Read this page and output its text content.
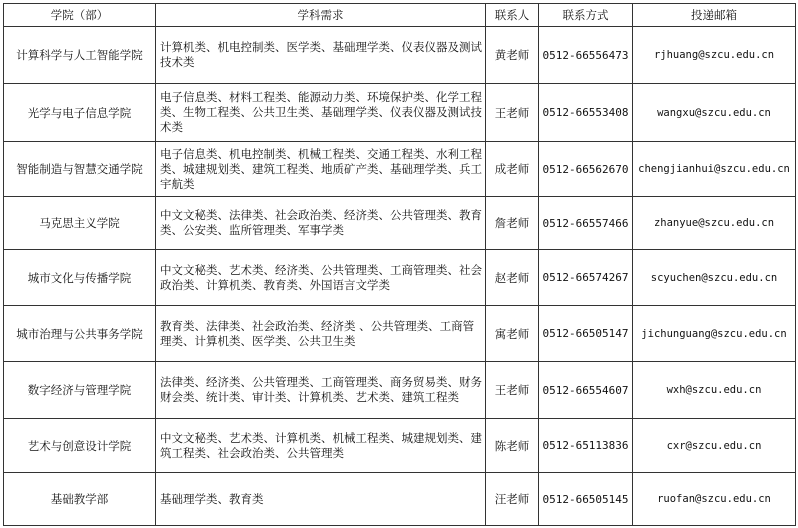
学院（部）	学科需求	联系人	联系方式	投递邮箱
计算科学与人工智能学院	计算机类、机电控制类、医学类、基础理学类、仪表仪器及测试技术类	黄老师	0512-66556473	rjhuang@szcu.edu.cn
光学与电子信息学院	电子信息类、材料工程类、能源动力类、环境保护类、化学工程类、生物工程类、公共卫生类、基础理学类、仪表仪器及测试技术类	王老师	0512-66553408	wangxu@szcu.edu.cn
智能制造与智慧交通学院	电子信息类、机电控制类、机械工程类、交通工程类、水利工程类、城建规划类、建筑工程类、地质矿产类、基础理学类、兵工宇航类	成老师	0512-66562670	chengjianhui@szcu.edu.cn
马克思主义学院	中文文秘类、法律类、社会政治类、经济类、公共管理类、教育类、公安类、监所管理类、军事学类	詹老师	0512-66557466	zhanyue@szcu.edu.cn
城市文化与传播学院	中文文秘类、艺术类、经济类、公共管理类、工商管理类、社会政治类、计算机类、教育类、外国语言文学类	赵老师	0512-66574267	scyuchen@szcu.edu.cn
城市治理与公共事务学院	教育类、法律类、社会政治类、经济类 、公共管理类、工商管理类、计算机类、医学类、公共卫生类	寓老师	0512-66505147	jichunguang@szcu.edu.cn
数字经济与管理学院	法律类、经济类、公共管理类、工商管理类、商务贸易类、财务财会类、统计类、审计类、计算机类、艺术类、建筑工程类	王老师	0512-66554607	wxh@szcu.edu.cn
艺术与创意设计学院	中文文秘类、艺术类、计算机类、机械工程类、城建规划类、建筑工程类、社会政治类、公共管理类	陈老师	0512-65113836	cxr@szcu.edu.cn
基础教学部	基础理学类、教育类	汪老师	0512-66505145	ruofan@szcu.edu.cn
